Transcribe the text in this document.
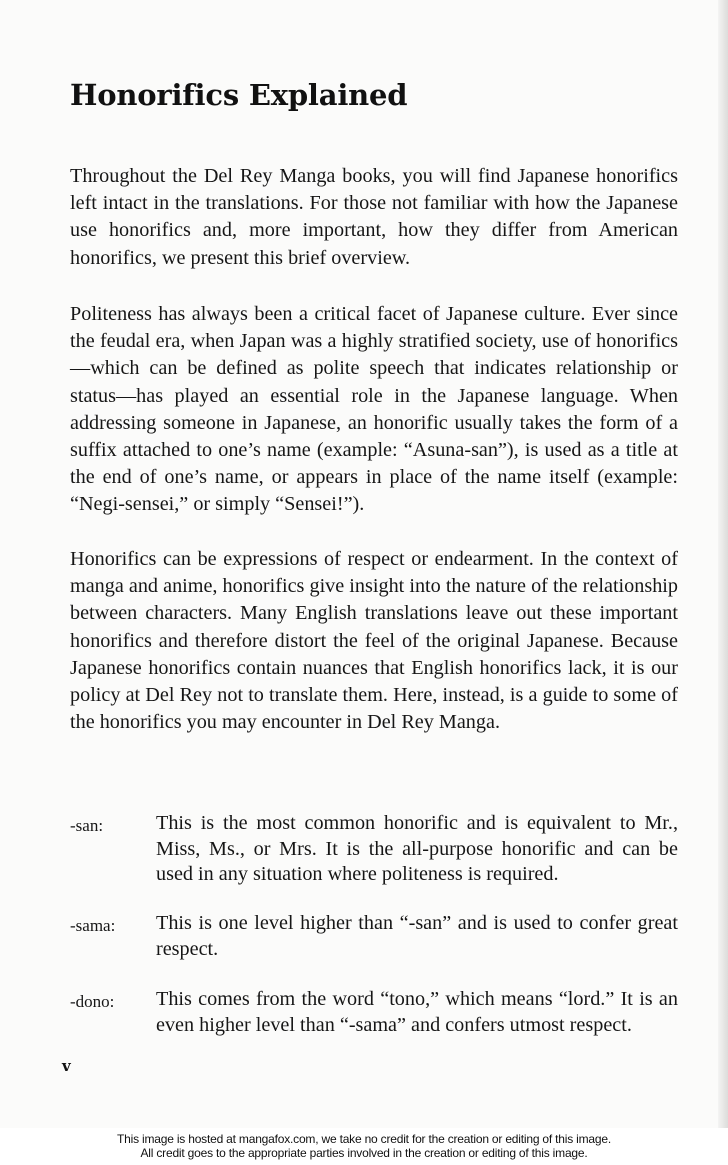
Honorifics Explained

Throughout the Del Rey Manga books, you will find Japanese honorifics left intact in the translations. For those not familiar with how the Japanese use honorifics and, more important, how they differ from American honorifics, we present this brief overview.

Politeness has always been a critical facet of Japanese culture. Ever since the feudal era, when Japan was a highly stratified society, use of honorifics—which can be defined as polite speech that indicates relationship or status—has played an essential role in the Japanese language. When addressing someone in Japanese, an honorific usually takes the form of a suffix attached to one’s name (example: “Asuna-san”), is used as a title at the end of one’s name, or appears in place of the name itself (example: “Negi-sensei,” or simply “Sensei!”).

Honorifics can be expressions of respect or endearment. In the context of manga and anime, honorifics give insight into the nature of the relationship between characters. Many English translations leave out these important honorifics and therefore distort the feel of the original Japanese. Because Japanese honorifics contain nuances that English honorifics lack, it is our policy at Del Rey not to translate them. Here, instead, is a guide to some of the honorifics you may encounter in Del Rey Manga.

-san:	This is the most common honorific and is equivalent to Mr., Miss, Ms., or Mrs. It is the all-purpose honorific and can be used in any situation where politeness is required.
-sama:	This is one level higher than “-san” and is used to confer great respect.
-dono:	This comes from the word “tono,” which means “lord.” It is an even higher level than “-sama” and confers utmost respect.
v
This image is hosted at mangafox.com, we take no credit for the creation or editing of this image.
All credit goes to the appropriate parties involved in the creation or editing of this image.
